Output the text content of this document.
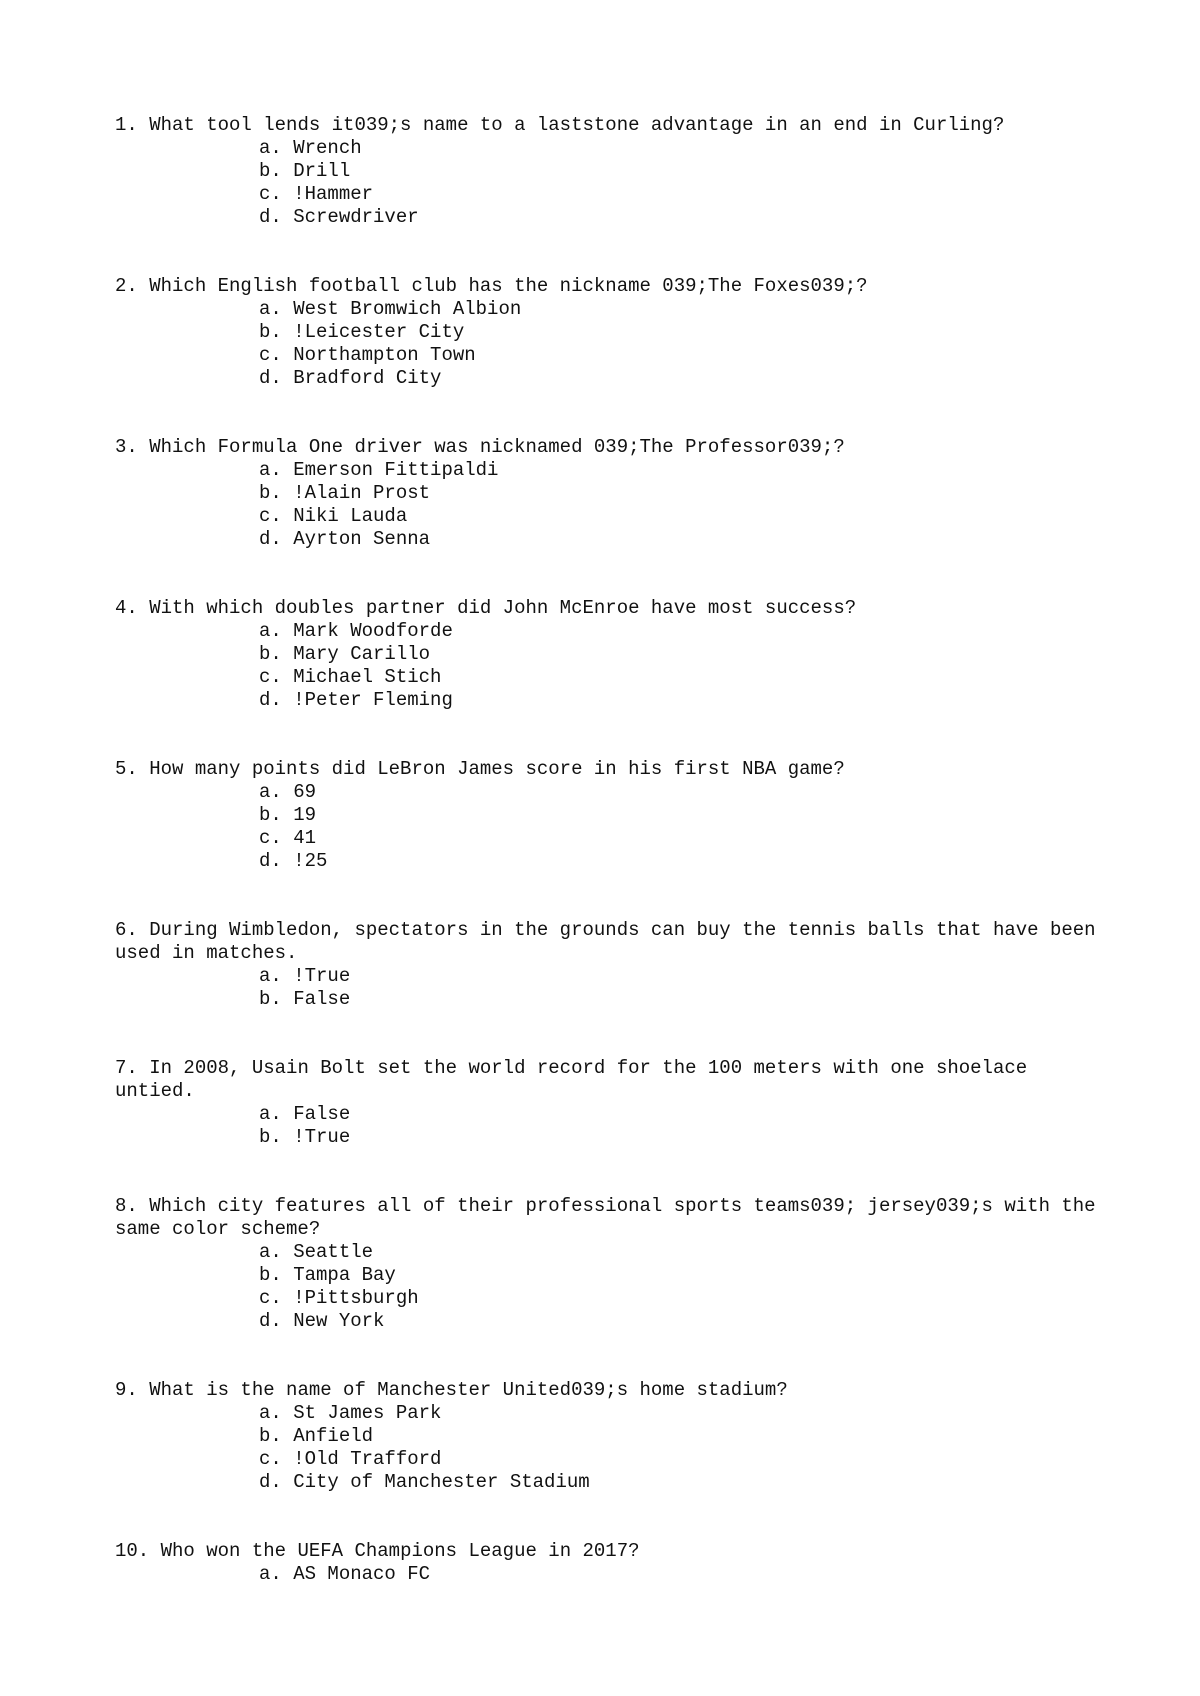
1. What tool lends it039;s name to a laststone advantage in an end in Curling?
a. Wrench
b. Drill
c. !Hammer
d. Screwdriver
2. Which English football club has the nickname 039;The Foxes039;?
a. West Bromwich Albion
b. !Leicester City
c. Northampton Town
d. Bradford City
3. Which Formula One driver was nicknamed 039;The Professor039;?
a. Emerson Fittipaldi
b. !Alain Prost
c. Niki Lauda
d. Ayrton Senna
4. With which doubles partner did John McEnroe have most success?
a. Mark Woodforde
b. Mary Carillo
c. Michael Stich
d. !Peter Fleming
5. How many points did LeBron James score in his first NBA game?
a. 69
b. 19
c. 41
d. !25
6. During Wimbledon, spectators in the grounds can buy the tennis balls that have been used in matches.
a. !True
b. False
7. In 2008, Usain Bolt set the world record for the 100 meters with one shoelace untied.
a. False
b. !True
8. Which city features all of their professional sports teams039; jersey039;s with the same color scheme?
a. Seattle
b. Tampa Bay
c. !Pittsburgh
d. New York
9. What is the name of Manchester United039;s home stadium?
a. St James Park
b. Anfield
c. !Old Trafford
d. City of Manchester Stadium
10. Who won the UEFA Champions League in 2017?
a. AS Monaco FC
